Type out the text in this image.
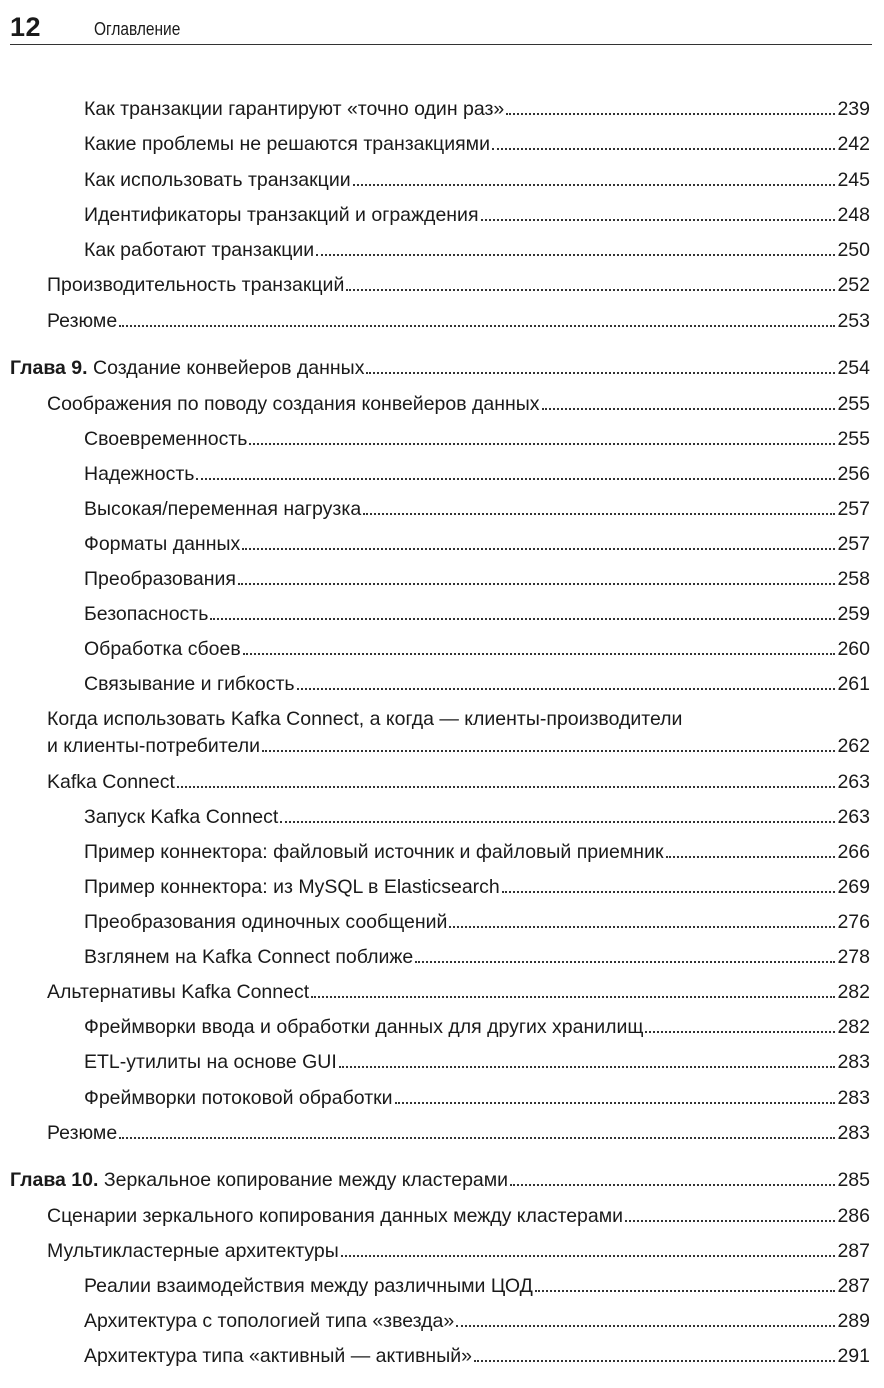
12	Оглавление
Как транзакции гарантируют «точно один раз»	239
Какие проблемы не решаются транзакциями	242
Как использовать транзакции	245
Идентификаторы транзакций и ограждения	248
Как работают транзакции	250
Производительность транзакций	252
Резюме	253
Глава 9. Создание конвейеров данных	254
Соображения по поводу создания конвейеров данных	255
Своевременность	255
Надежность	256
Высокая/переменная нагрузка	257
Форматы данных	257
Преобразования	258
Безопасность	259
Обработка сбоев	260
Связывание и гибкость	261
Когда использовать Kafka Connect, а когда — клиенты-производители
и клиенты-потребители	262
Kafka Connect	263
Запуск Kafka Connect	263
Пример коннектора: файловый источник и файловый приемник	266
Пример коннектора: из MySQL в Elasticsearch	269
Преобразования одиночных сообщений	276
Взглянем на Kafka Connect поближе	278
Альтернативы Kafka Connect	282
Фреймворки ввода и обработки данных для других хранилищ	282
ETL-утилиты на основе GUI	283
Фреймворки потоковой обработки	283
Резюме	283
Глава 10. Зеркальное копирование между кластерами	285
Сценарии зеркального копирования данных между кластерами	286
Мультикластерные архитектуры	287
Реалии взаимодействия между различными ЦОД	287
Архитектура с топологией типа «звезда»	289
Архитектура типа «активный — активный»	291
